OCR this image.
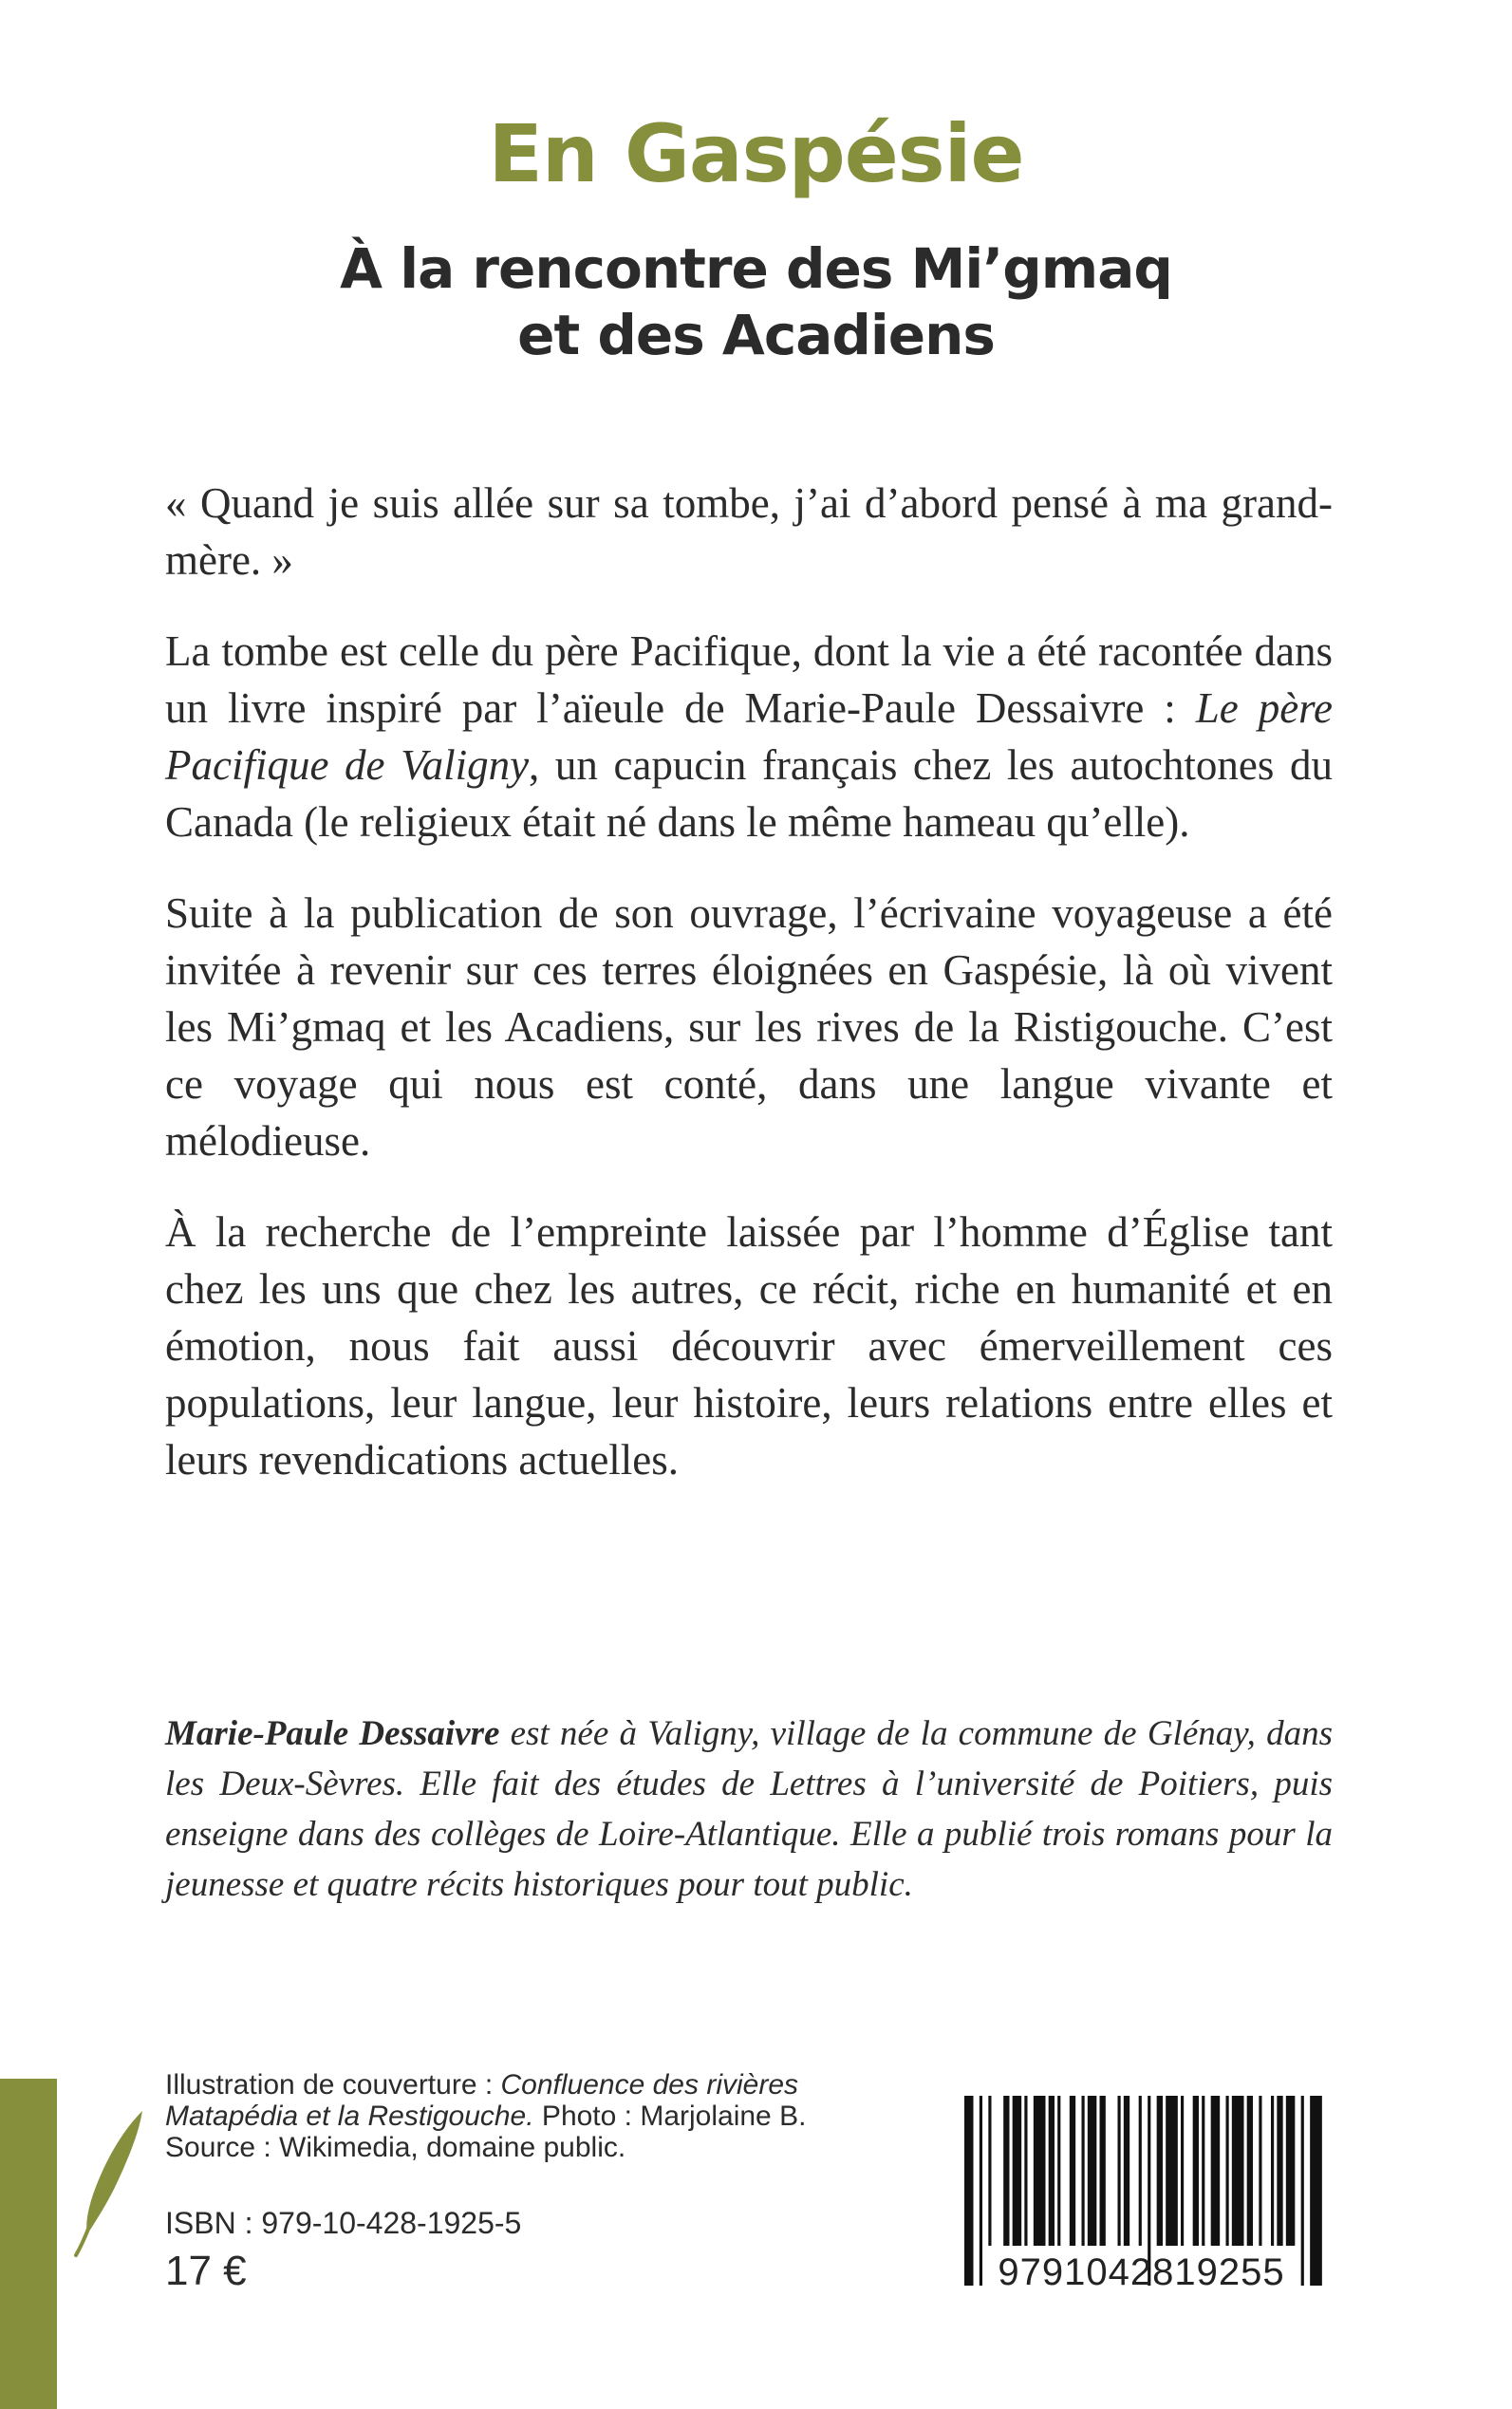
En Gaspésie
À la rencontre des Mi’gmaq
et des Acadiens

« Quand je suis allée sur sa tombe, j’ai d’abord pensé à ma grand-mère. »

La tombe est celle du père Pacifique, dont la vie a été racontée dans un livre inspiré par l’aïeule de Marie-Paule Dessaivre : Le père Pacifique de Valigny, un capucin français chez les autochtones du Canada (le religieux était né dans le même hameau qu’elle).

Suite à la publication de son ouvrage, l’écrivaine voyageuse a été invitée à revenir sur ces terres éloignées en Gaspésie, là où vivent les Mi’gmaq et les Acadiens, sur les rives de la Ristigouche. C’est ce voyage qui nous est conté, dans une langue vivante et mélodieuse.

À la recherche de l’empreinte laissée par l’homme d’Église tant chez les uns que chez les autres, ce récit, riche en humanité et en émotion, nous fait aussi découvrir avec émerveillement ces populations, leur langue, leur histoire, leurs relations entre elles et leurs revendications actuelles.

Marie-Paule Dessaivre est née à Valigny, village de la commune de Glénay, dans les Deux-Sèvres. Elle fait des études de Lettres à l’université de Poitiers, puis enseigne dans des collèges de Loire-Atlantique. Elle a publié trois romans pour la jeunesse et quatre récits historiques pour tout public.

Illustration de couverture : Confluence des rivières Matapédia et la Restigouche. Photo : Marjolaine B.
Source : Wikimedia, domaine public.
ISBN : 979-10-428-1925-5
17 €	9791042819255
